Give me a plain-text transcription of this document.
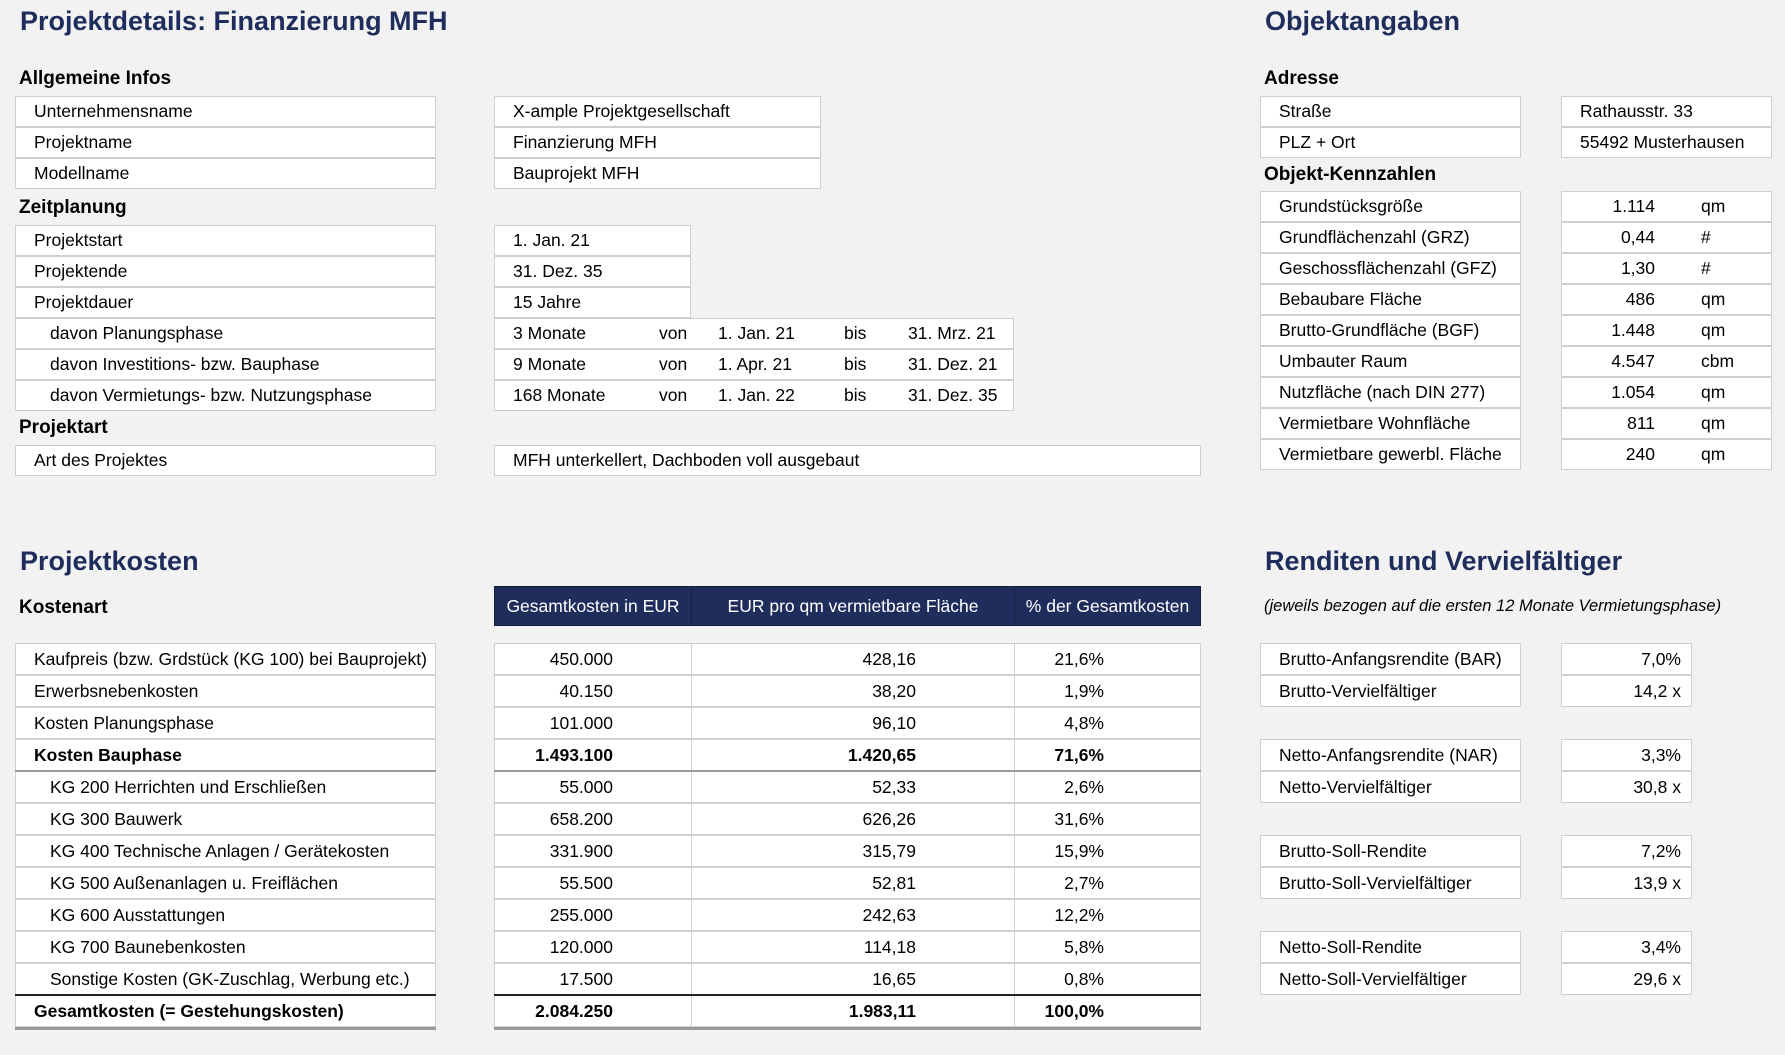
Projektdetails: Finanzierung MFH
Allgemeine Infos
Unternehmensname	X-ample Projektgesellschaft
Projektname	Finanzierung MFH
Modellname	Bauprojekt MFH
Zeitplanung
Projektstart	1. Jan. 21
Projektende	31. Dez. 35
Projektdauer	15 Jahre
davon Planungsphase	3 Monate	von 1. Jan. 21	bis 31. Mrz. 21
davon Investitions- bzw. Bauphase	9 Monate	von 1. Apr. 21	bis 31. Dez. 21
davon Vermietungs- bzw. Nutzungsphase	168 Monate	von 1. Jan. 22	bis 31. Dez. 35
Projektart
Art des Projektes	MFH unterkellert, Dachboden voll ausgebaut
Objektangaben
Adresse
Straße	Rathausstr. 33
PLZ + Ort	55492 Musterhausen
Objekt-Kennzahlen
Grundstücksgröße	1.114	qm
Grundflächenzahl (GRZ)	0,44	#
Geschossflächenzahl (GFZ)	1,30	#
Bebaubare Fläche	486	qm
Brutto-Grundfläche (BGF)	1.448	qm
Umbauter Raum	4.547	cbm
Nutzfläche (nach DIN 277)	1.054	qm
Vermietbare Wohnfläche	811	qm
Vermietbare gewerbl. Fläche	240	qm
Projektkosten
Kostenart	Gesamtkosten in EUR	EUR pro qm vermietbare Fläche	% der Gesamtkosten
Kaufpreis (bzw. Grdstück (KG 100) bei Bauprojekt)	450.000	428,16	21,6%
Erwerbsnebenkosten	40.150	38,20	1,9%
Kosten Planungsphase	101.000	96,10	4,8%
Kosten Bauphase	1.493.100	1.420,65	71,6%
KG 200 Herrichten und Erschließen	55.000	52,33	2,6%
KG 300 Bauwerk	658.200	626,26	31,6%
KG 400 Technische Anlagen / Gerätekosten	331.900	315,79	15,9%
KG 500 Außenanlagen u. Freiflächen	55.500	52,81	2,7%
KG 600 Ausstattungen	255.000	242,63	12,2%
KG 700 Baunebenkosten	120.000	114,18	5,8%
Sonstige Kosten (GK-Zuschlag, Werbung etc.)	17.500	16,65	0,8%
Gesamtkosten (= Gestehungskosten)	2.084.250	1.983,11	100,0%
Renditen und Vervielfältiger
(jeweils bezogen auf die ersten 12 Monate Vermietungsphase)
Brutto-Anfangsrendite (BAR)	7,0%
Brutto-Vervielfältiger	14,2 x
Netto-Anfangsrendite (NAR)	3,3%
Netto-Vervielfältiger	30,8 x
Brutto-Soll-Rendite	7,2%
Brutto-Soll-Vervielfältiger	13,9 x
Netto-Soll-Rendite	3,4%
Netto-Soll-Vervielfältiger	29,6 x
